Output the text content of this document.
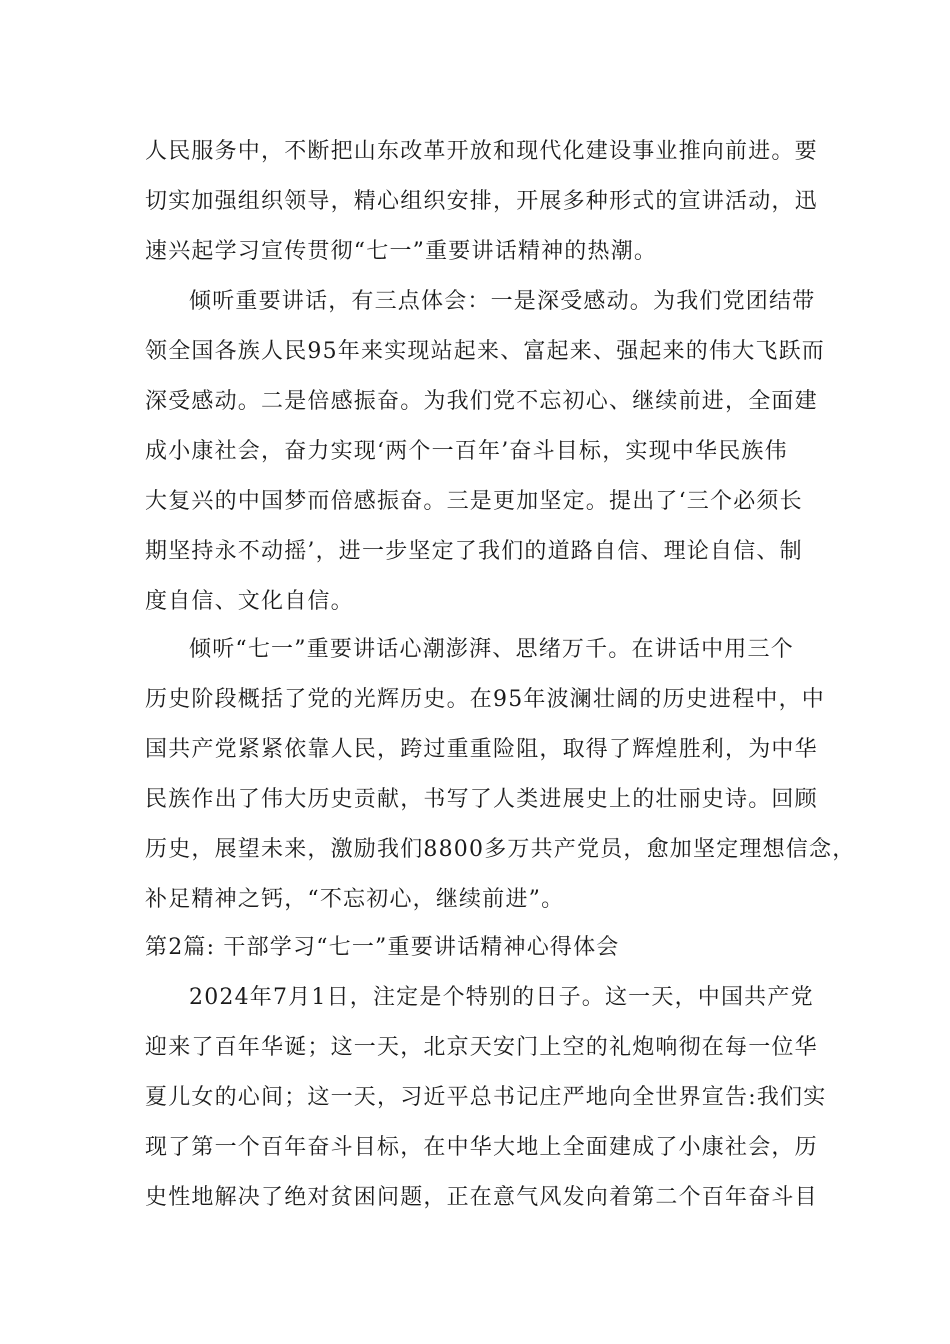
人民服务中，不断把山东改革开放和现代化建设事业推向前进。要
切实加强组织领导，精心组织安排，开展多种形式的宣讲活动，迅
速兴起学习宣传贯彻“七一”重要讲话精神的热潮。
倾听重要讲话，有三点体会：一是深受感动。为我们党团结带
领全国各族人民95年来实现站起来、富起来、强起来的伟大飞跃而
深受感动。二是倍感振奋。为我们党不忘初心、继续前进，全面建
成小康社会，奋力实现‘两个一百年’奋斗目标，实现中华民族伟
大复兴的中国梦而倍感振奋。三是更加坚定。提出了‘三个必须长
期坚持永不动摇’，进一步坚定了我们的道路自信、理论自信、制
度自信、文化自信。
倾听“七一”重要讲话心潮澎湃、思绪万千。在讲话中用三个
历史阶段概括了党的光辉历史。在95年波澜壮阔的历史进程中，中
国共产党紧紧依靠人民，跨过重重险阻，取得了辉煌胜利，为中华
民族作出了伟大历史贡献，书写了人类进展史上的壮丽史诗。回顾
历史，展望未来，激励我们8800多万共产党员，愈加坚定理想信念，
补足精神之钙，“不忘初心，继续前进”。
第2篇: 干部学习“七一”重要讲话精神心得体会
2024年7月1日，注定是个特别的日子。这一天，中国共产党
迎来了百年华诞；这一天，北京天安门上空的礼炮响彻在每一位华
夏儿女的心间；这一天，习近平总书记庄严地向全世界宣告:我们实
现了第一个百年奋斗目标，在中华大地上全面建成了小康社会，历
史性地解决了绝对贫困问题，正在意气风发向着第二个百年奋斗目
